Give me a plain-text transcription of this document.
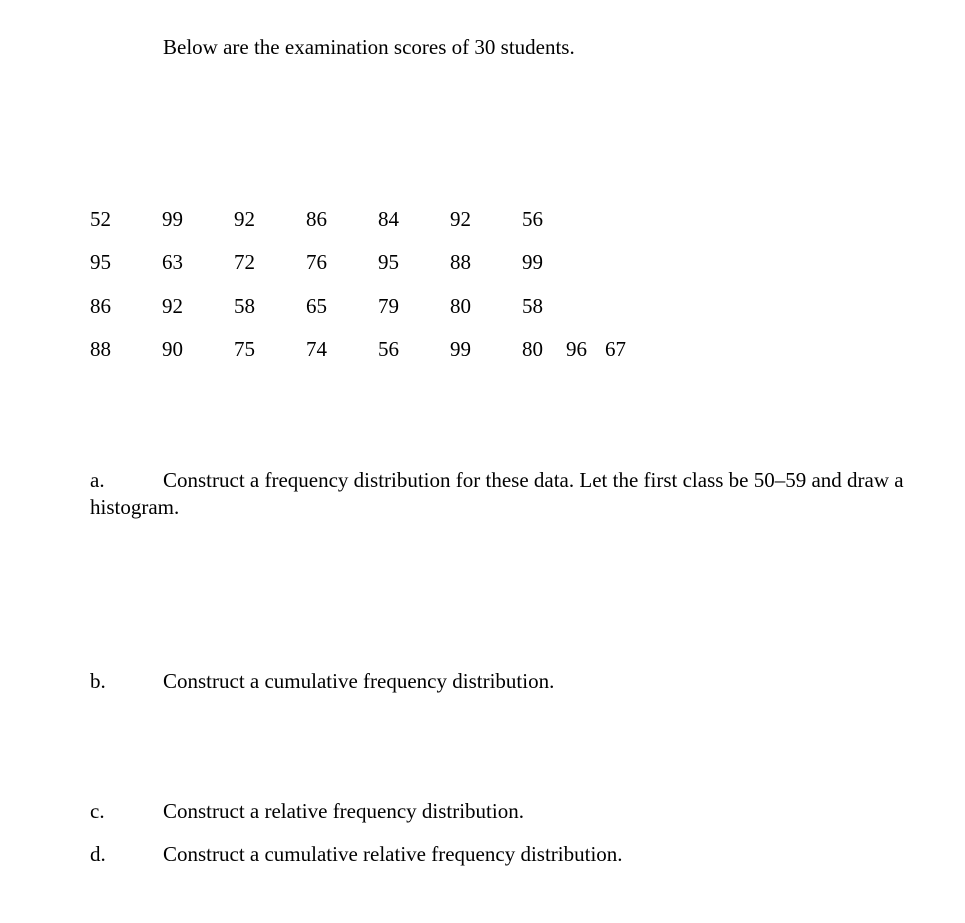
Below are the examination scores of 30 students.

52 99 92 86 84 92 56
95 63 72 76 95 88 99
86 92 58 65 79 80 58
88 90 75 74 56 99 80 96 67
a.	Construct a frequency distribution for these data. Let the first class be 50–59 and draw a histogram.
b.	Construct a cumulative frequency distribution.
c.	Construct a relative frequency distribution.
d.	Construct a cumulative relative frequency distribution.
